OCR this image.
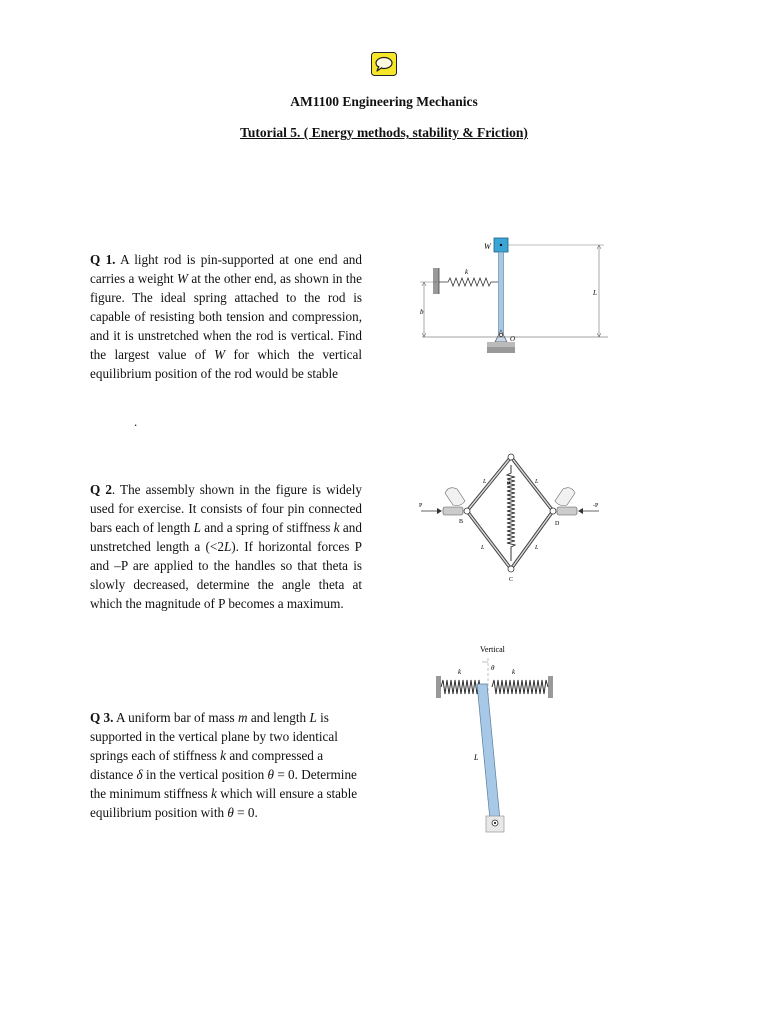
AM1100 Engineering Mechanics
Tutorial 5. ( Energy methods, stability & Friction)
Q 1. A light rod is pin-supported at one end and carries a weight W at the other end, as shown in the figure. The ideal spring attached to the rod is capable of resisting both tension and compression, and it is unstretched when the rod is vertical. Find the largest value of W for which the vertical equilibrium position of the rod would be stable
.
W
O
k
b
L
Q 2. The assembly shown in the figure is widely used for exercise. It consists of four pin connected bars each of length L and a spring of stiffness k and unstretched length a (<2L). If horizontal forces P and –P are applied to the handles so that theta is slowly decreased, determine the angle theta at which the magnitude of P becomes a maximum.
P	-P
θ
L	L
L	L
B	D
C
Q 3. A uniform bar of mass m and length L is supported in the vertical plane by two identical springs each of stiffness k and compressed a distance δ in the vertical position θ = 0. Determine the minimum stiffness k which will ensure a stable equilibrium position with θ = 0.
Vertical
θ
k	k
L
